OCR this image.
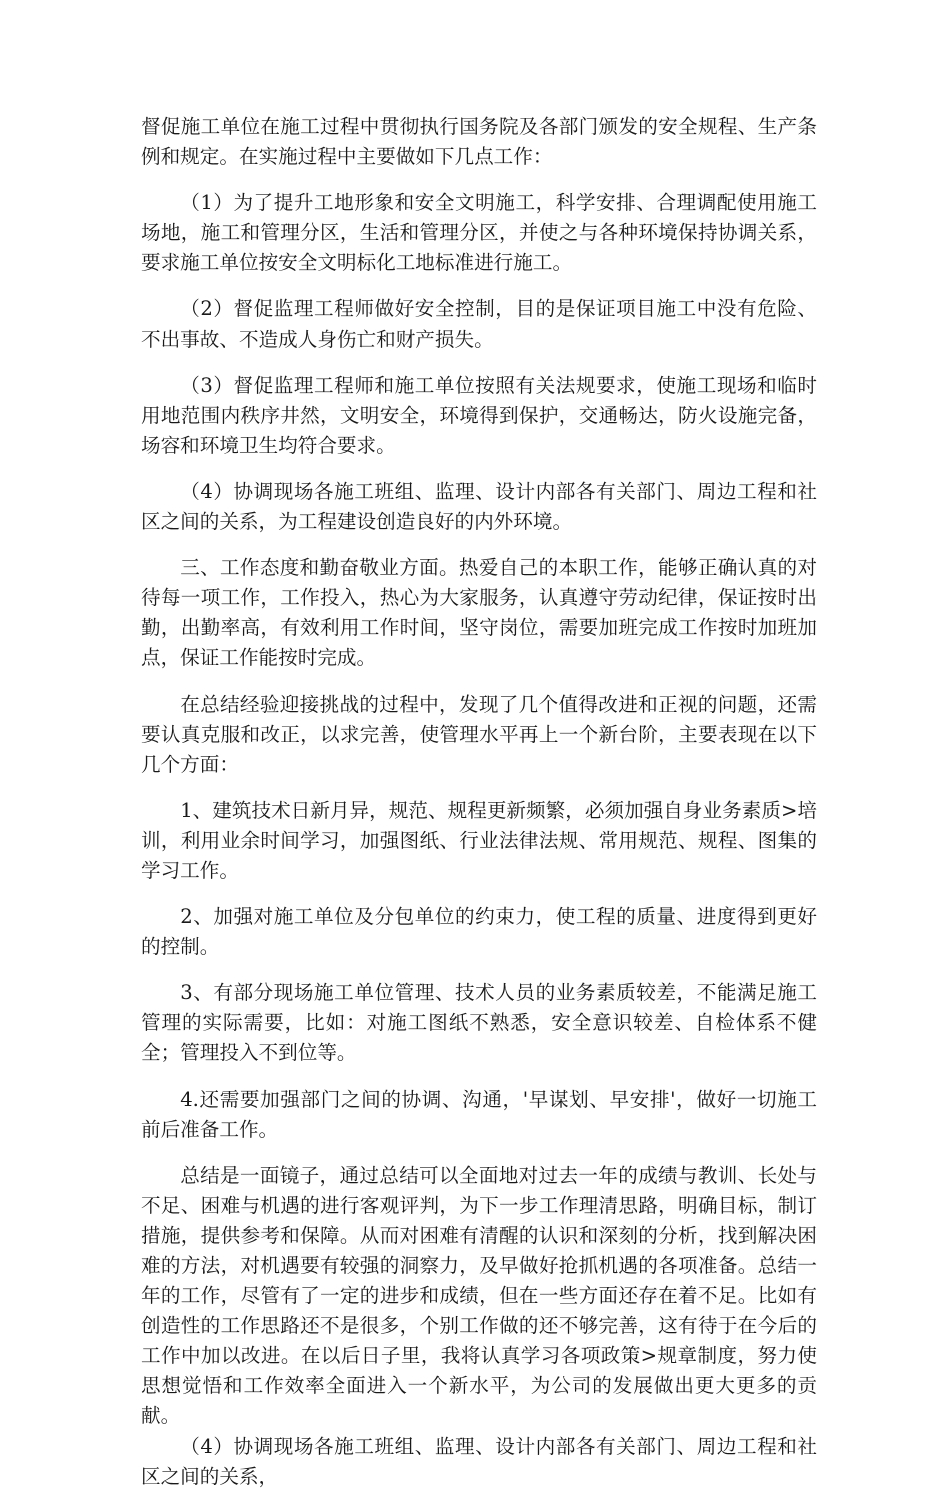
督促施工单位在施工过程中贯彻执行国务院及各部门颁发的安全规程、生产条例和规定。在实施过程中主要做如下几点工作：

（1）为了提升工地形象和安全文明施工，科学安排、合理调配使用施工场地，施工和管理分区，生活和管理分区，并使之与各种环境保持协调关系，要求施工单位按安全文明标化工地标准进行施工。

（2）督促监理工程师做好安全控制，目的是保证项目施工中没有危险、不出事故、不造成人身伤亡和财产损失。

（3）督促监理工程师和施工单位按照有关法规要求，使施工现场和临时用地范围内秩序井然，文明安全，环境得到保护，交通畅达，防火设施完备，场容和环境卫生均符合要求。

（4）协调现场各施工班组、监理、设计内部各有关部门、周边工程和社区之间的关系，为工程建设创造良好的内外环境。

三、工作态度和勤奋敬业方面。热爱自己的本职工作，能够正确认真的对待每一项工作，工作投入，热心为大家服务，认真遵守劳动纪律，保证按时出勤，出勤率高，有效利用工作时间，坚守岗位，需要加班完成工作按时加班加点，保证工作能按时完成。

在总结经验迎接挑战的过程中，发现了几个值得改进和正视的问题，还需要认真克服和改正，以求完善，使管理水平再上一个新台阶，主要表现在以下几个方面：

1、建筑技术日新月异，规范、规程更新频繁，必须加强自身业务素质>培训，利用业余时间学习，加强图纸、行业法律法规、常用规范、规程、图集的学习工作。

2、加强对施工单位及分包单位的约束力，使工程的质量、进度得到更好的控制。

3、有部分现场施工单位管理、技术人员的业务素质较差，不能满足施工管理的实际需要，比如：对施工图纸不熟悉，安全意识较差、自检体系不健全；管理投入不到位等。

4.还需要加强部门之间的协调、沟通，'早谋划、早安排'，做好一切施工前后准备工作。

总结是一面镜子，通过总结可以全面地对过去一年的成绩与教训、长处与不足、困难与机遇的进行客观评判，为下一步工作理清思路，明确目标，制订措施，提供参考和保障。从而对困难有清醒的认识和深刻的分析，找到解决困难的方法，对机遇要有较强的洞察力，及早做好抢抓机遇的各项准备。总结一年的工作，尽管有了一定的进步和成绩，但在一些方面还存在着不足。比如有创造性的工作思路还不是很多，个别工作做的还不够完善，这有待于在今后的工作中加以改进。在以后日子里，我将认真学习各项政策>规章制度，努力使思想觉悟和工作效率全面进入一个新水平，为公司的发展做出更大更多的贡献。

（4）协调现场各施工班组、监理、设计内部各有关部门、周边工程和社区之间的关系，
